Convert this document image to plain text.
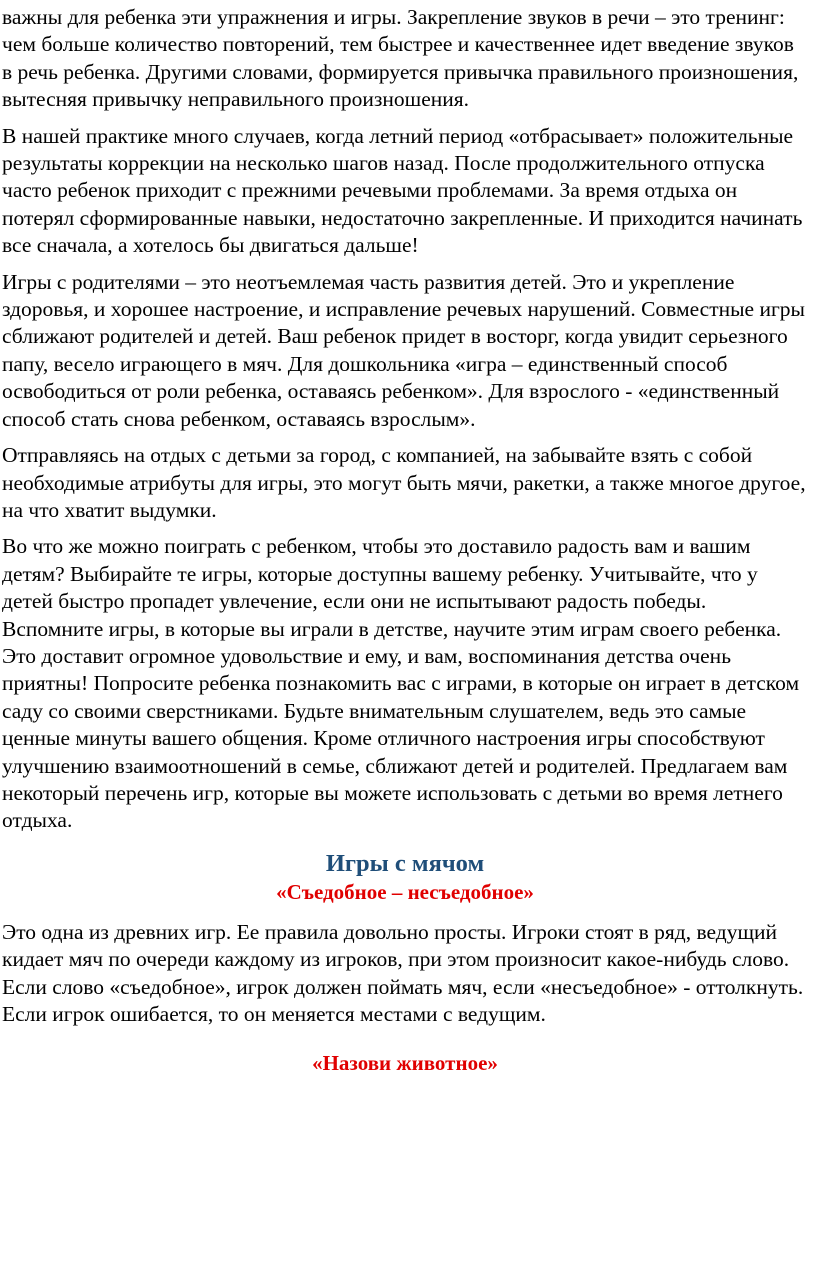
важны для ребенка эти упражнения и игры. Закрепление звуков в речи – это тренинг: чем больше количество повторений, тем быстрее и качественнее идет введение звуков в речь ребенка. Другими словами, формируется привычка правильного произношения, вытесняя привычку неправильного произношения.

В нашей практике много случаев, когда летний период «отбрасывает» положительные результаты коррекции на несколько шагов назад. После продолжительного отпуска часто ребенок приходит с прежними речевыми проблемами. За время отдыха он потерял сформированные навыки, недостаточно закрепленные. И приходится начинать все сначала, а хотелось бы двигаться дальше!

Игры с родителями – это неотъемлемая часть развития детей. Это и укрепление здоровья, и хорошее настроение, и исправление речевых нарушений. Совместные игры сближают родителей и детей. Ваш ребенок придет в восторг, когда увидит серьезного папу, весело играющего в мяч. Для дошкольника «игра – единственный способ освободиться от роли ребенка, оставаясь ребенком». Для взрослого - «единственный способ стать снова ребенком, оставаясь взрослым».

Отправляясь на отдых с детьми за город, с компанией, на забывайте взять с собой необходимые атрибуты для игры, это могут быть мячи, ракетки, а также многое другое, на что хватит выдумки.

Во что же можно поиграть с ребенком, чтобы это доставило радость вам и вашим детям? Выбирайте те игры, которые доступны вашему ребенку. Учитывайте, что у детей быстро пропадет увлечение, если они не испытывают радость победы. Вспомните игры, в которые вы играли в детстве, научите этим играм своего ребенка. Это доставит огромное удовольствие и ему, и вам, воспоминания детства очень приятны! Попросите ребенка познакомить вас с играми, в которые он играет в детском саду со своими сверстниками. Будьте внимательным слушателем, ведь это самые ценные минуты вашего общения. Кроме отличного настроения игры способствуют улучшению взаимоотношений в семье, сближают детей и родителей. Предлагаем вам некоторый перечень игр, которые вы можете использовать с детьми во время летнего отдыха.

Игры с мячом
«Съедобное – несъедобное»

Это одна из древних игр. Ее правила довольно просты. Игроки стоят в ряд, ведущий кидает мяч по очереди каждому из игроков, при этом произносит какое-нибудь слово. Если слово «съедобное», игрок должен поймать мяч, если «несъедобное» - оттолкнуть. Если игрок ошибается, то он меняется местами с ведущим.

«Назови животное»
